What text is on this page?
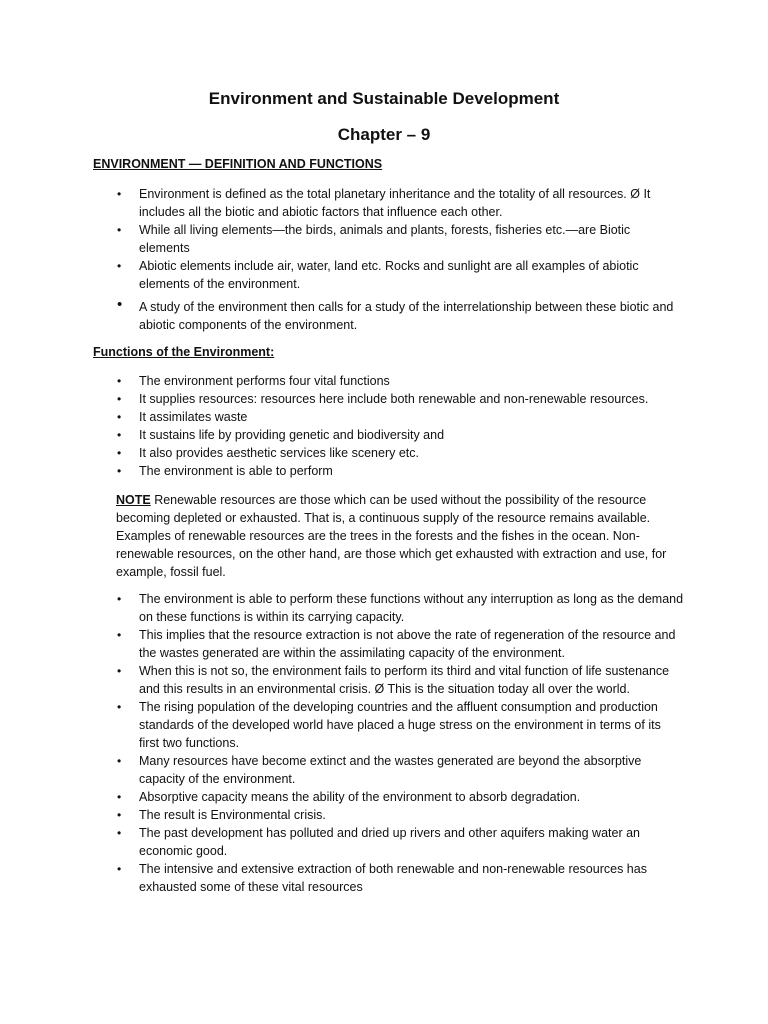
Environment and Sustainable Development
Chapter – 9
ENVIRONMENT — DEFINITION AND FUNCTIONS
• Environment is defined as the total planetary inheritance and the totality of all resources. Ø It includes all the biotic and abiotic factors that influence each other.
• While all living elements—the birds, animals and plants, forests, fisheries etc.—are Biotic elements
• Abiotic elements include air, water, land etc. Rocks and sunlight are all examples of abiotic elements of the environment.
• A study of the environment then calls for a study of the interrelationship between these biotic and abiotic components of the environment.
Functions of the Environment:
• The environment performs four vital functions
• It supplies resources: resources here include both renewable and non-renewable resources.
• It assimilates waste
• It sustains life by providing genetic and biodiversity and
• It also provides aesthetic services like scenery etc.
• The environment is able to perform

NOTE Renewable resources are those which can be used without the possibility of the resource becoming depleted or exhausted. That is, a continuous supply of the resource remains available. Examples of renewable resources are the trees in the forests and the fishes in the ocean. Non-renewable resources, on the other hand, are those which get exhausted with extraction and use, for example, fossil fuel.

• The environment is able to perform these functions without any interruption as long as the demand on these functions is within its carrying capacity.
• This implies that the resource extraction is not above the rate of regeneration of the resource and the wastes generated are within the assimilating capacity of the environment.
• When this is not so, the environment fails to perform its third and vital function of life sustenance and this results in an environmental crisis. Ø This is the situation today all over the world.
• The rising population of the developing countries and the affluent consumption and production standards of the developed world have placed a huge stress on the environment in terms of its first two functions.
• Many resources have become extinct and the wastes generated are beyond the absorptive capacity of the environment.
• Absorptive capacity means the ability of the environment to absorb degradation.
• The result is Environmental crisis.
• The past development has polluted and dried up rivers and other aquifers making water an economic good.
• The intensive and extensive extraction of both renewable and non-renewable resources has exhausted some of these vital resources
